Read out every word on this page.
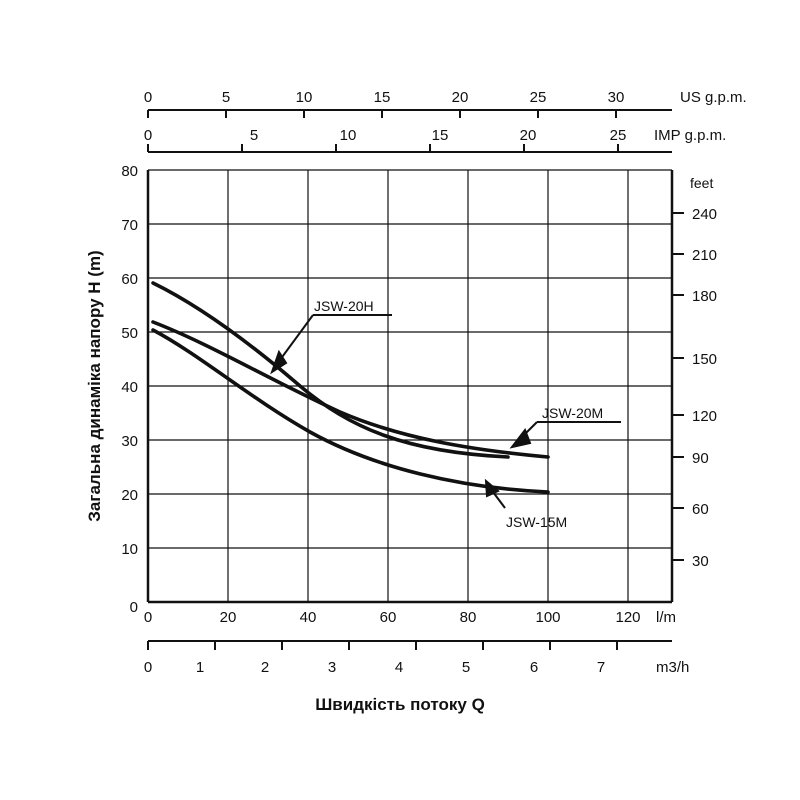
0	5	10	15	20	25	30	US g.p.m.
0	5	10	15	20	25 IMP g.p.m.
80
70
60
50
40
30
20
10
0
Загальна динаміка напору H (m)
feet
240
210
180
150
120
90
60
30
0	20	40	60	80	100	120 l/m
0	1	2	3	4	5	6	7	m3/h
Швидкість потоку Q
JSW-20H
JSW-20M
JSW-15M
